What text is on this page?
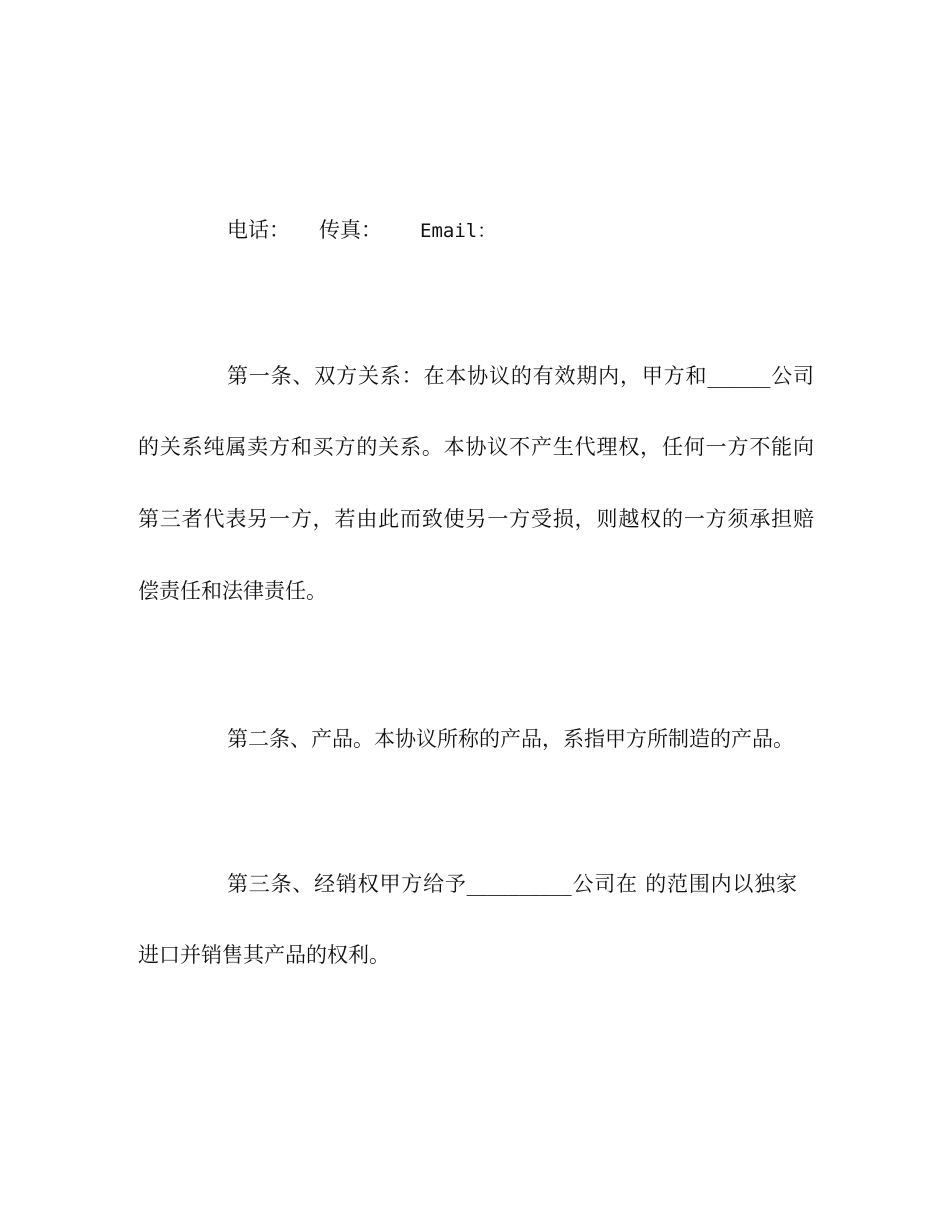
电话： 传真： Email：
第一条、双方关系：在本协议的有效期内，甲方和______公司
的关系纯属卖方和买方的关系。本协议不产生代理权，任何一方不能向
第三者代表另一方，若由此而致使另一方受损，则越权的一方须承担赔
偿责任和法律责任。
第二条、产品。本协议所称的产品，系指甲方所制造的产品。
第三条、经销权甲方给予__________公司在 的范围内以独家
进口并销售其产品的权利。
